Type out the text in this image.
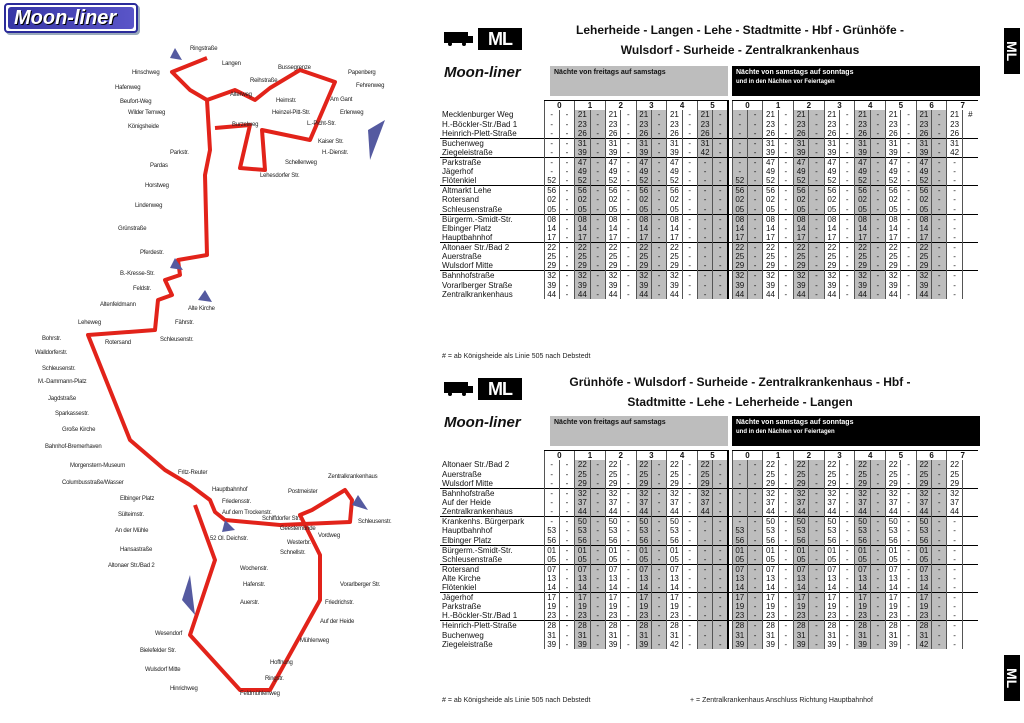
Moon-liner
Ringstraße
Langen
Hinschweg
Hafenweg
Beufort-Weg
Wilder Terrweg
Königsheide
Parkstr.
Pardas
Reihstraße
Alterweg
Heimstr.
Bussegrenze
Papenberg
Fehrenweg
Am Gant
Erlenweg
Heinzel-Pitt-Str.
Burzelweg	L.-Picht-Str.
Kaiser Str.
H.-Dienstr.
Schellenweg
Lehesdorfer Str.
Horstweg
Lindenweg
Grünstraße
Pferdestr.
B.-Kresse-Str.
Feldstr.
Alte Kirche
Altenfeldmann
Leheweg	Fährstr.
Schleusenstr.
Rotersand
Bohrstr.
Walldorferstr.
Schleusenstr.
M.-Dammann-Platz
Jagdstraße
Sparkassestr.
Große Kirche
Bahnhof-Bremerhaven
Morgenstern-Museum
Columbusstraße/Wasser
Elbinger Platz
Fritz-Reuter
Hauptbahnhof
Friedensstr.
Auf dem Trockenstr.
Sülteimstr.
An der Mühle
Hansastraße
Altonaer Str./Bad 2
Zentralkrankenhaus
Postmeister
Schleusenstr.
Vordweg
Schiffdorfer Str.
Geestemünde
Westerbr.
Schnellstr.
Wochenstr.
Hafenstr.
Auerstr.
Vorarlberger Str.
Friedrichstr.
Auf der Heide
Wesendorf
Bielefelder Str.
Wulsdorf Mitte
Hinrichweg
Mühlenweg
Hoffnung
Ringstr.
Feldmühlenweg
52 Ol. Deichstr.
ML	Leherheide - Langen - Lehe - Stadtmitte - Hbf - Grünhöfe -
Wulsdorf - Surheide - Zentralkrankenhaus
Moon-liner	Nächte von freitags auf samstags	Nächte von samstags auf sonntags
und in den Nächten vor Feiertagen
	0		1		2		3		4		5			0		1		2		3		4		5		6		7	
Mecklenburger Weg	-	-	21	-	21	-	21	-	21	-	21	-		-	-	21	-	21	-	21	-	21	-	21	-	21	-	21	#
H.-Böckler-Str./Bad 1	-	-	23	-	23	-	23	-	23	-	23	-		-	-	23	-	23	-	23	-	23	-	23	-	23	-	23	
Heinrich-Plett-Straße	-	-	26	-	26	-	26	-	26	-	26	-		-	-	26	-	26	-	26	-	26	-	26	-	26	-	26	
Buchenweg	-	-	31	-	31	-	31	-	31	-	31	-		-	-	31	-	31	-	31	-	31	-	31	-	31	-	31	
Ziegeleistraße	-	-	39	-	39	-	39	-	39	-	42	-		-	-	39	-	39	-	39	-	39	-	39	-	39	-	42	
Parkstraße	-	-	47	-	47	-	47	-	47	-	-	-		-	-	47	-	47	-	47	-	47	-	47	-	47	-	-	
Jägerhof	-	-	49	-	49	-	49	-	49	-	-	-		-	-	49	-	49	-	49	-	49	-	49	-	49	-	-	
Flötenkiel	52	-	52	-	52	-	52	-	52	-	-	-		52	-	52	-	52	-	52	-	52	-	52	-	52	-	-	
Altmarkt Lehe	56	-	56	-	56	-	56	-	56	-	-	-		56	-	56	-	56	-	56	-	56	-	56	-	56	-	-	
Rotersand	02	-	02	-	02	-	02	-	02	-	-	-		02	-	02	-	02	-	02	-	02	-	02	-	02	-	-	
Schleusenstraße	05	-	05	-	05	-	05	-	05	-	-	-		05	-	05	-	05	-	05	-	05	-	05	-	05	-	-	
Bürgerm.-Smidt-Str.	08	-	08	-	08	-	08	-	08	-	-	-		08	-	08	-	08	-	08	-	08	-	08	-	08	-	-	
Elbinger Platz	14	-	14	-	14	-	14	-	14	-	-	-		14	-	14	-	14	-	14	-	14	-	14	-	14	-	-	
Hauptbahnhof	17	-	17	-	17	-	17	-	17	-	-	-		17	-	17	-	17	-	17	-	17	-	17	-	17	-	-	
Altonaer Str./Bad 2	22	-	22	-	22	-	22	-	22	-	-	-		22	-	22	-	22	-	22	-	22	-	22	-	22	-	-	
Auerstraße	25	-	25	-	25	-	25	-	25	-	-	-		25	-	25	-	25	-	25	-	25	-	25	-	25	-	-	
Wulsdorf Mitte	29	-	29	-	29	-	29	-	29	-	-	-		29	-	29	-	29	-	29	-	29	-	29	-	29	-	-	
Bahnhofstraße	32	-	32	-	32	-	32	-	32	-	-	-		32	-	32	-	32	-	32	-	32	-	32	-	32	-	-	
Vorarlberger Straße	39	-	39	-	39	-	39	-	39	-	-	-		39	-	39	-	39	-	39	-	39	-	39	-	39	-	-	
Zentralkrankenhaus	44	-	44	-	44	-	44	-	44	-	-	-		44	-	44	-	44	-	44	-	44	-	44	-	44	-	-	
# = ab Königsheide als Linie 505 nach Debstedt
ML	Grünhöfe - Wulsdorf - Surheide - Zentralkrankenhaus - Hbf -
Stadtmitte - Lehe - Leherheide - Langen
Moon-liner	Nächte von freitags auf samstags	Nächte von samstags auf sonntags
und in den Nächten vor Feiertagen
	0		1		2		3		4		5			0		1		2		3		4		5		6		7	
Altonaer Str./Bad 2	-	-	22	-	22	-	22	-	22	-	22	-		-	-	22	-	22	-	22	-	22	-	22	-	22	-	22	
Auerstraße	-	-	25	-	25	-	25	-	25	-	25	-		-	-	25	-	25	-	25	-	25	-	25	-	25	-	25	
Wulsdorf Mitte	-	-	29	-	29	-	29	-	29	-	29	-		-	-	29	-	29	-	29	-	29	-	29	-	29	-	29	
Bahnhofstraße	-	-	32	-	32	-	32	-	32	-	32	-		-	-	32	-	32	-	32	-	32	-	32	-	32	-	32	
Auf der Heide	-	-	37	-	37	-	37	-	37	-	37	-		-	-	37	-	37	-	37	-	37	-	37	-	37	-	37	
Zentralkrankenhaus	-	-	44	-	44	-	44	-	44	-	44	-		-	-	44	-	44	-	44	-	44	-	44	-	44	-	44	
Krankenhs. Bürgerpark	-	-	50	-	50	-	50	-	50	-	-	-		-	-	50	-	50	-	50	-	50	-	50	-	50	-	-	
Hauptbahnhof	53	-	53	-	53	-	53	-	53	-	-	-		53	-	53	-	53	-	53	-	53	-	53	-	53	-	-	
Elbinger Platz	56	-	56	-	56	-	56	-	56	-	-	-		56	-	56	-	56	-	56	-	56	-	56	-	56	-	-	
Bürgerm.-Smidt-Str.	01	-	01	-	01	-	01	-	01	-	-	-		01	-	01	-	01	-	01	-	01	-	01	-	01	-	-	
Schleusenstraße	05	-	05	-	05	-	05	-	05	-	-	-		05	-	05	-	05	-	05	-	05	-	05	-	05	-	-	
Rotersand	07	-	07	-	07	-	07	-	07	-	-	-		07	-	07	-	07	-	07	-	07	-	07	-	07	-	-	
Alte Kirche	13	-	13	-	13	-	13	-	13	-	-	-		13	-	13	-	13	-	13	-	13	-	13	-	13	-	-	
Flötenkiel	14	-	14	-	14	-	14	-	14	-	-	-		14	-	14	-	14	-	14	-	14	-	14	-	14	-	-	
Jägerhof	17	-	17	-	17	-	17	-	17	-	-	-		17	-	17	-	17	-	17	-	17	-	17	-	17	-	-	
Parkstraße	19	-	19	-	19	-	19	-	19	-	-	-		19	-	19	-	19	-	19	-	19	-	19	-	19	-	-	
H.-Böckler-Str./Bad 1	23	-	23	-	23	-	23	-	23	-	-	-		23	-	23	-	23	-	23	-	23	-	23	-	23	-	-	
Heinrich-Plett-Straße	28	-	28	-	28	-	28	-	28	-	-	-		28	-	28	-	28	-	28	-	28	-	28	-	28	-	-	
Buchenweg	31	-	31	-	31	-	31	-	31	-	-	-		31	-	31	-	31	-	31	-	31	-	31	-	31	-	-	
Ziegeleistraße	39	-	39	-	39	-	39	-	42	-	-	-		39	-	39	-	39	-	39	-	39	-	39	-	42	-	-	
# = ab Königsheide als Linie 505 nach Debstedt	+ = Zentralkrankenhaus Anschluss Richtung Hauptbahnhof
ML
ML
